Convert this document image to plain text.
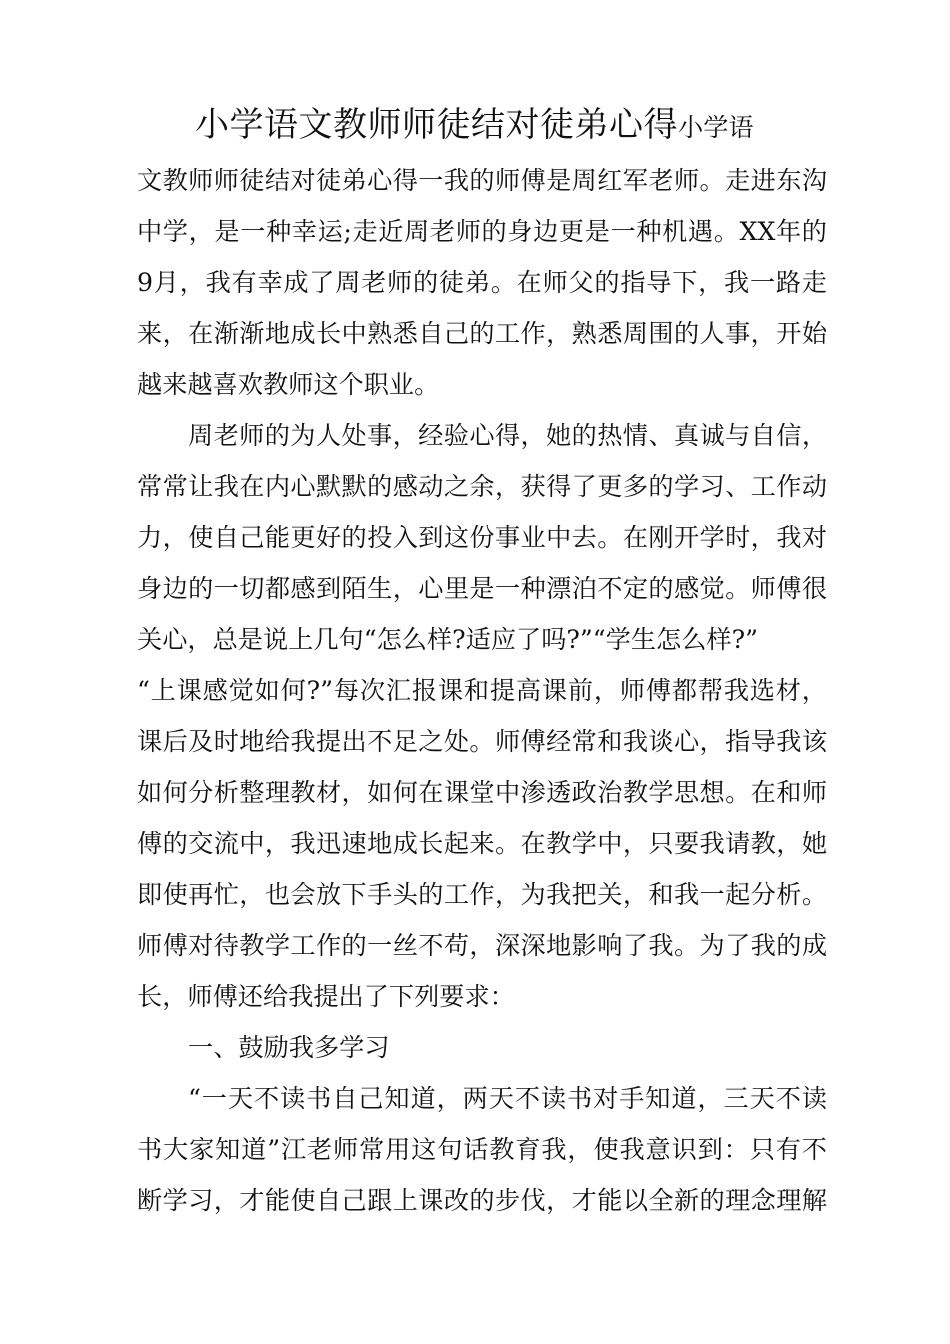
小学语文教师师徒结对徒弟心得小学语
文教师师徒结对徒弟心得一我的师傅是周红军老师。走进东沟
中学，是一种幸运;走近周老师的身边更是一种机遇。XX年的
9月，我有幸成了周老师的徒弟。在师父的指导下，我一路走
来，在渐渐地成长中熟悉自己的工作，熟悉周围的人事，开始
越来越喜欢教师这个职业。
周老师的为人处事，经验心得，她的热情、真诚与自信，
常常让我在内心默默的感动之余，获得了更多的学习、工作动
力，使自己能更好的投入到这份事业中去。在刚开学时，我对
身边的一切都感到陌生，心里是一种漂泊不定的感觉。师傅很
关心，总是说上几句“怎么样?适应了吗?”“学生怎么样?”
“上课感觉如何?”每次汇报课和提高课前，师傅都帮我选材，
课后及时地给我提出不足之处。师傅经常和我谈心，指导我该
如何分析整理教材，如何在课堂中渗透政治教学思想。在和师
傅的交流中，我迅速地成长起来。在教学中，只要我请教，她
即使再忙，也会放下手头的工作，为我把关，和我一起分析。
师傅对待教学工作的一丝不苟，深深地影响了我。为了我的成
长，师傅还给我提出了下列要求：
一、鼓励我多学习
“一天不读书自己知道，两天不读书对手知道，三天不读
书大家知道”江老师常用这句话教育我，使我意识到：只有不
断学习，才能使自己跟上课改的步伐，才能以全新的理念理解
